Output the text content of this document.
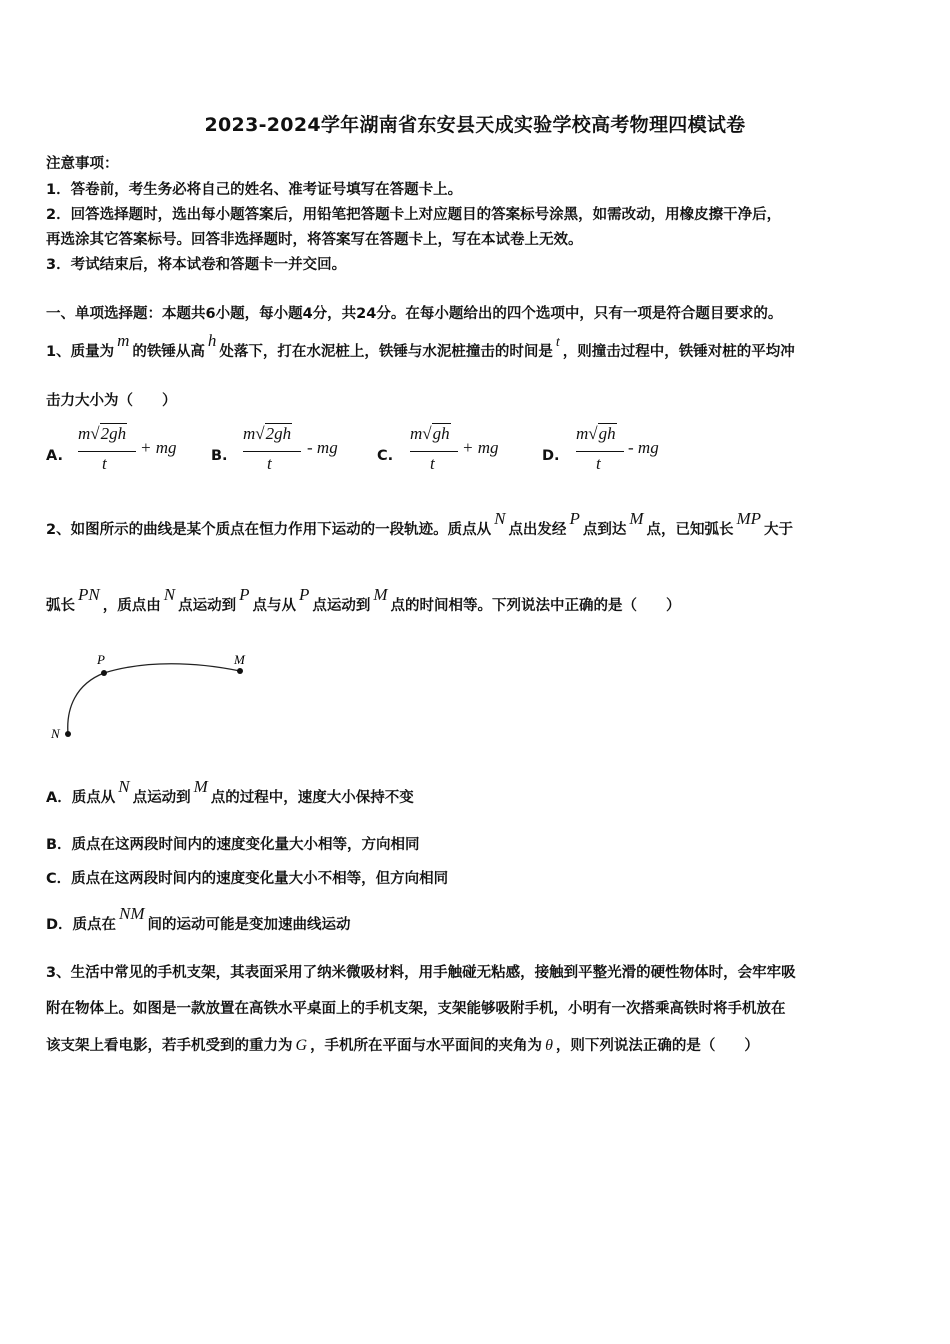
2023-2024学年湖南省东安县天成实验学校高考物理四模试卷
注意事项：
1．答卷前，考生务必将自己的姓名、准考证号填写在答题卡上。
2．回答选择题时，选出每小题答案后，用铅笔把答题卡上对应题目的答案标号涂黑，如需改动，用橡皮擦干净后，
再选涂其它答案标号。回答非选择题时，将答案写在答题卡上，写在本试卷上无效。
3．考试结束后，将本试卷和答题卡一并交回。
一、单项选择题：本题共6小题，每小题4分，共24分。在每小题给出的四个选项中，只有一项是符合题目要求的。
1、质量为m的铁锤从高h处落下，打在水泥桩上，铁锤与水泥桩撞击的时间是t，则撞击过程中，铁锤对桩的平均冲
击力大小为（　　）
A.
m√2gh
t
+ mg B.
m√2gh
t
- mg	C.
m√gh
t
+ mg	D.
m√gh
t
- mg
2、如图所示的曲线是某个质点在恒力作用下运动的一段轨迹。质点从N点出发经P点到达M点，已知弧长MP大于
弧长PN，质点由N点运动到P点与从P点运动到M点的时间相等。下列说法中正确的是（　　）
P	M
N
A．质点从N点运动到M点的过程中，速度大小保持不变
B．质点在这两段时间内的速度变化量大小相等，方向相同
C．质点在这两段时间内的速度变化量大小不相等，但方向相同
D．质点在NM间的运动可能是变加速曲线运动
3、生活中常见的手机支架，其表面采用了纳米微吸材料，用手触碰无粘感，接触到平整光滑的硬性物体时，会牢牢吸
附在物体上。如图是一款放置在高铁水平桌面上的手机支架，支架能够吸附手机，小明有一次搭乘高铁时将手机放在
该支架上看电影，若手机受到的重力为 G ，手机所在平面与水平面间的夹角为 θ ，则下列说法正确的是（　　）
